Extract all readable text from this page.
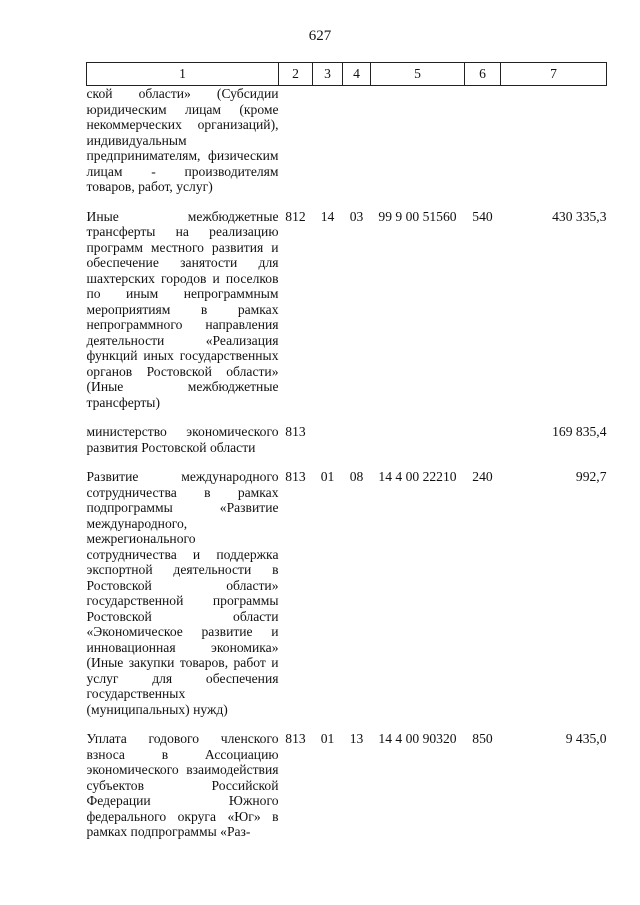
627
1	2	3	4	5	6	7
ской области» (Субсидии юридическим лицам (кроме некоммерческих организаций), индивидуальным предпринимателям, физическим лицам - производителям товаров, работ, услуг)						

Иные межбюджетные трансферты на реализацию программ местного развития и обеспечение занятости для шахтерских городов и поселков по иным непрограммным мероприятиям в рамках непрограммного направления деятельности «Реализация функций иных государственных органов Ростовской области» (Иные межбюджетные трансферты)	812	14	03	99 9 00 51560	540	430 335,3

министерство экономического развития Ростовской области	813					169 835,4

Развитие международного сотрудничества в рамках подпрограммы «Развитие международного, межрегионального сотрудничества и поддержка экспортной деятельности в Ростовской области» государственной программы Ростовской области «Экономическое развитие и инновационная экономика» (Иные закупки товаров, работ и услуг для обеспечения государственных (муниципальных) нужд)	813	01	08	14 4 00 22210	240	992,7

Уплата годового членского взноса в Ассоциацию экономического взаимодействия субъектов Российской Федерации Южного федерального округа «Юг» в рамках подпрограммы «Раз-	813	01	13	14 4 00 90320	850	9 435,0
